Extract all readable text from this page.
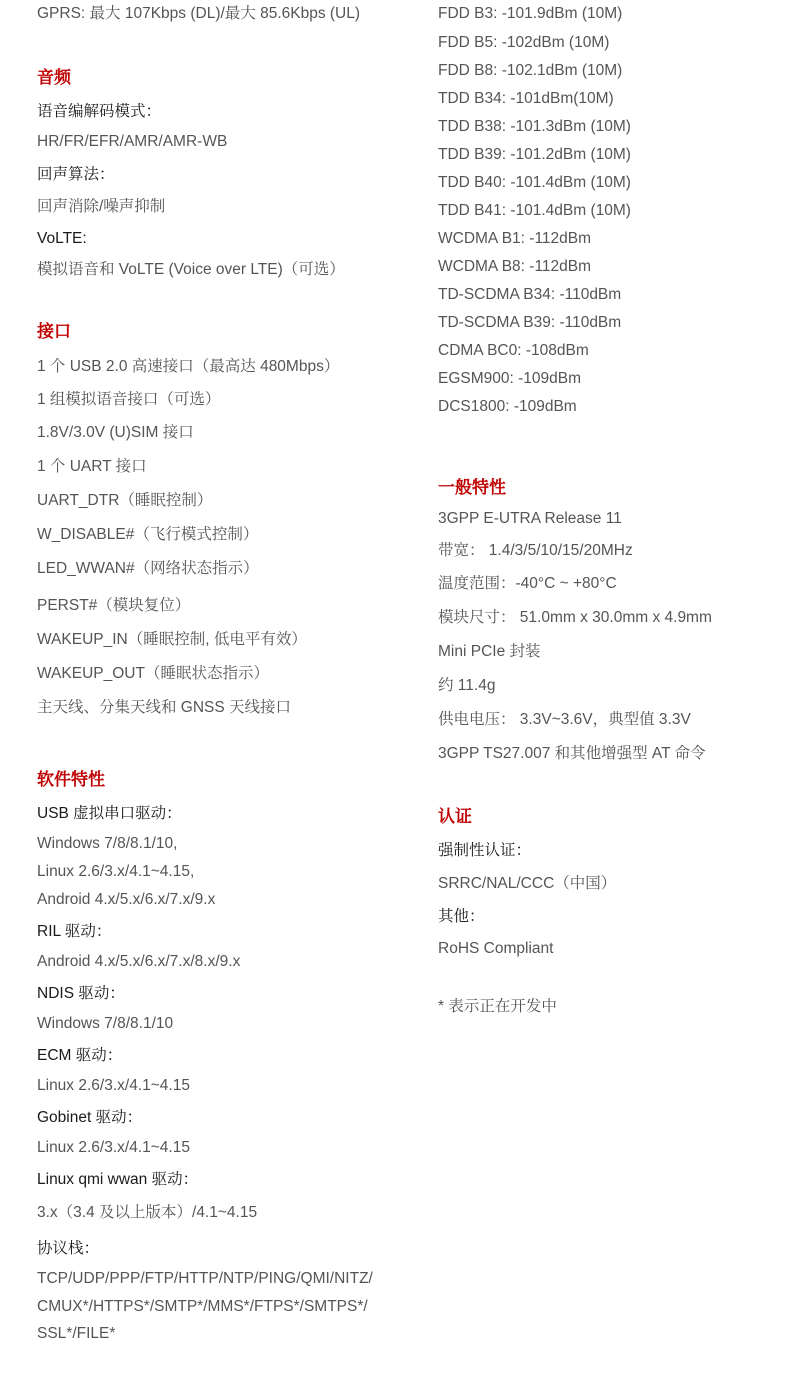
GPRS: 最大 107Kbps (DL)/最大 85.6Kbps (UL)
音频
语音编解码模式：
HR/FR/EFR/AMR/AMR-WB
回声算法：
回声消除/噪声抑制
VoLTE:
模拟语音和 VoLTE (Voice over LTE)（可选）
接口
1 个 USB 2.0 高速接口（最高达 480Mbps）
1 组模拟语音接口（可选）
1.8V/3.0V (U)SIM 接口
1 个 UART 接口
UART_DTR（睡眠控制）
W_DISABLE#（飞行模式控制）
LED_WWAN#（网络状态指示）
PERST#（模块复位）
WAKEUP_IN（睡眠控制, 低电平有效）
WAKEUP_OUT（睡眠状态指示）
主天线、分集天线和 GNSS 天线接口
软件特性
USB 虚拟串口驱动：
Windows 7/8/8.1/10,
Linux 2.6/3.x/4.1~4.15,
Android 4.x/5.x/6.x/7.x/9.x
RIL 驱动：
Android 4.x/5.x/6.x/7.x/8.x/9.x
NDIS 驱动：
Windows 7/8/8.1/10
ECM 驱动：
Linux 2.6/3.x/4.1~4.15
Gobinet 驱动：
Linux 2.6/3.x/4.1~4.15
Linux qmi wwan 驱动：
3.x（3.4 及以上版本）/4.1~4.15
协议栈：
TCP/UDP/PPP/FTP/HTTP/NTP/PING/QMI/NITZ/
CMUX*/HTTPS*/SMTP*/MMS*/FTPS*/SMTPS*/
SSL*/FILE*
FDD B3: -101.9dBm (10M)
FDD B5: -102dBm (10M)
FDD B8: -102.1dBm (10M)
TDD B34: -101dBm(10M)
TDD B38: -101.3dBm (10M)
TDD B39: -101.2dBm (10M)
TDD B40: -101.4dBm (10M)
TDD B41: -101.4dBm (10M)
WCDMA B1: -112dBm
WCDMA B8: -112dBm
TD-SCDMA B34: -110dBm
TD-SCDMA B39: -110dBm
CDMA BC0: -108dBm
EGSM900: -109dBm
DCS1800: -109dBm
一般特性
3GPP E-UTRA Release 11
带宽： 1.4/3/5/10/15/20MHz
温度范围：-40°C ~ +80°C
模块尺寸： 51.0mm x 30.0mm x 4.9mm
Mini PCIe 封装
约 11.4g
供电电压： 3.3V~3.6V，典型值 3.3V
3GPP TS27.007 和其他增强型 AT 命令
认证
强制性认证：
SRRC/NAL/CCC（中国）
其他：
RoHS Compliant
* 表示正在开发中
